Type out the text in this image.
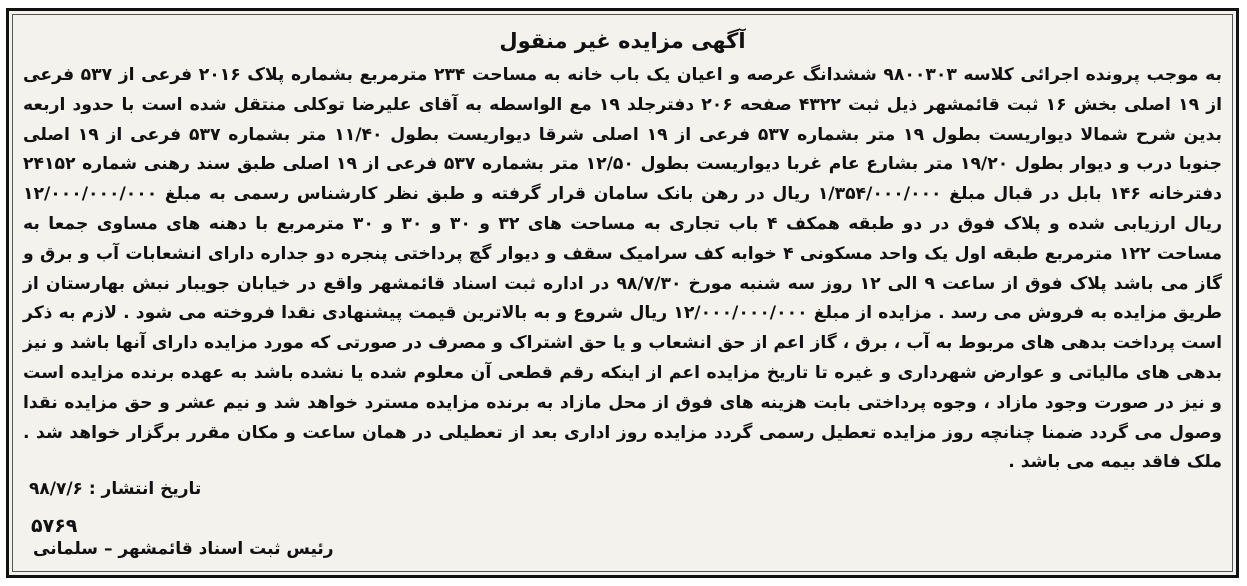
آگهی مزایده غیر منقول
به موجب پرونده اجرائی کلاسه ۹۸۰۰۳۰۳ ششدانگ عرصه و اعیان یک باب خانه به مساحت ۲۳۴ مترمربع بشماره پلاک ۲۰۱۶ فرعی از ۵۳۷ فرعی از ۱۹ اصلی بخش ۱۶ ثبت قائمشهر ذیل ثبت ۴۳۲۲ صفحه ۲۰۶ دفترجلد ۱۹ مع الواسطه به آقای علیرضا توکلی منتقل شده است با حدود اربعه بدین شرح شمالا دیواریست بطول ۱۹ متر بشماره ۵۳۷ فرعی از ۱۹ اصلی شرقا دیواریست بطول ۱۱/۴۰ متر بشماره ۵۳۷ فرعی از ۱۹ اصلی جنوبا درب و دیوار بطول ۱۹/۲۰ متر بشارع عام غربا دیواریست بطول ۱۲/۵۰ متر بشماره ۵۳۷ فرعی از ۱۹ اصلی طبق سند رهنی شماره ۲۴۱۵۲ دفترخانه ۱۴۶ بابل در قبال مبلغ ۱/۳۵۴/۰۰۰/۰۰۰ ریال در رهن بانک سامان قرار گرفته و طبق نظر کارشناس رسمی به مبلغ ۱۲/۰۰۰/۰۰۰/۰۰۰ ریال ارزیابی شده و پلاک فوق در دو طبقه همکف ۴ باب تجاری به مساحت های ۳۲ و ۳۰ و ۳۰ و ۳۰ مترمربع با دهنه های مساوی جمعا به مساحت ۱۲۲ مترمربع طبقه اول یک واحد مسکونی ۴ خوابه کف سرامیک سقف و دیوار گچ پرداختی پنجره دو جداره دارای انشعابات آب و برق و گاز می باشد پلاک فوق از ساعت ۹ الی ۱۲ روز سه شنبه مورخ ۹۸/۷/۳۰ در اداره ثبت اسناد قائمشهر واقع در خیابان جویبار نبش بهارستان از طریق مزایده به فروش می رسد . مزایده از مبلغ ۱۲/۰۰۰/۰۰۰/۰۰۰ ریال شروع و به بالاترین قیمت پیشنهادی نقدا فروخته می شود . لازم به ذکر است پرداخت بدهی های مربوط به آب ، برق ، گاز اعم از حق انشعاب و یا حق اشتراک و مصرف در صورتی که مورد مزایده دارای آنها باشد و نیز بدهی های مالیاتی و عوارض شهرداری و غیره تا تاریخ مزایده اعم از اینکه رقم قطعی آن معلوم شده یا نشده باشد به عهده برنده مزایده است و نیز در صورت وجود مازاد ، وجوه پرداختی بابت هزینه های فوق از محل مازاد به برنده مزایده مسترد خواهد شد و نیم عشر و حق مزایده نقدا وصول می گردد ضمنا چنانچه روز مزایده تعطیل رسمی گردد مزایده روز اداری بعد از تعطیلی در همان ساعت و مکان مقرر برگزار خواهد شد . ملک فاقد بیمه می باشد .
تاریخ انتشار : ۹۸/۷/۶
۵۷۶۹
رئیس ثبت اسناد قائمشهر – سلمانی
